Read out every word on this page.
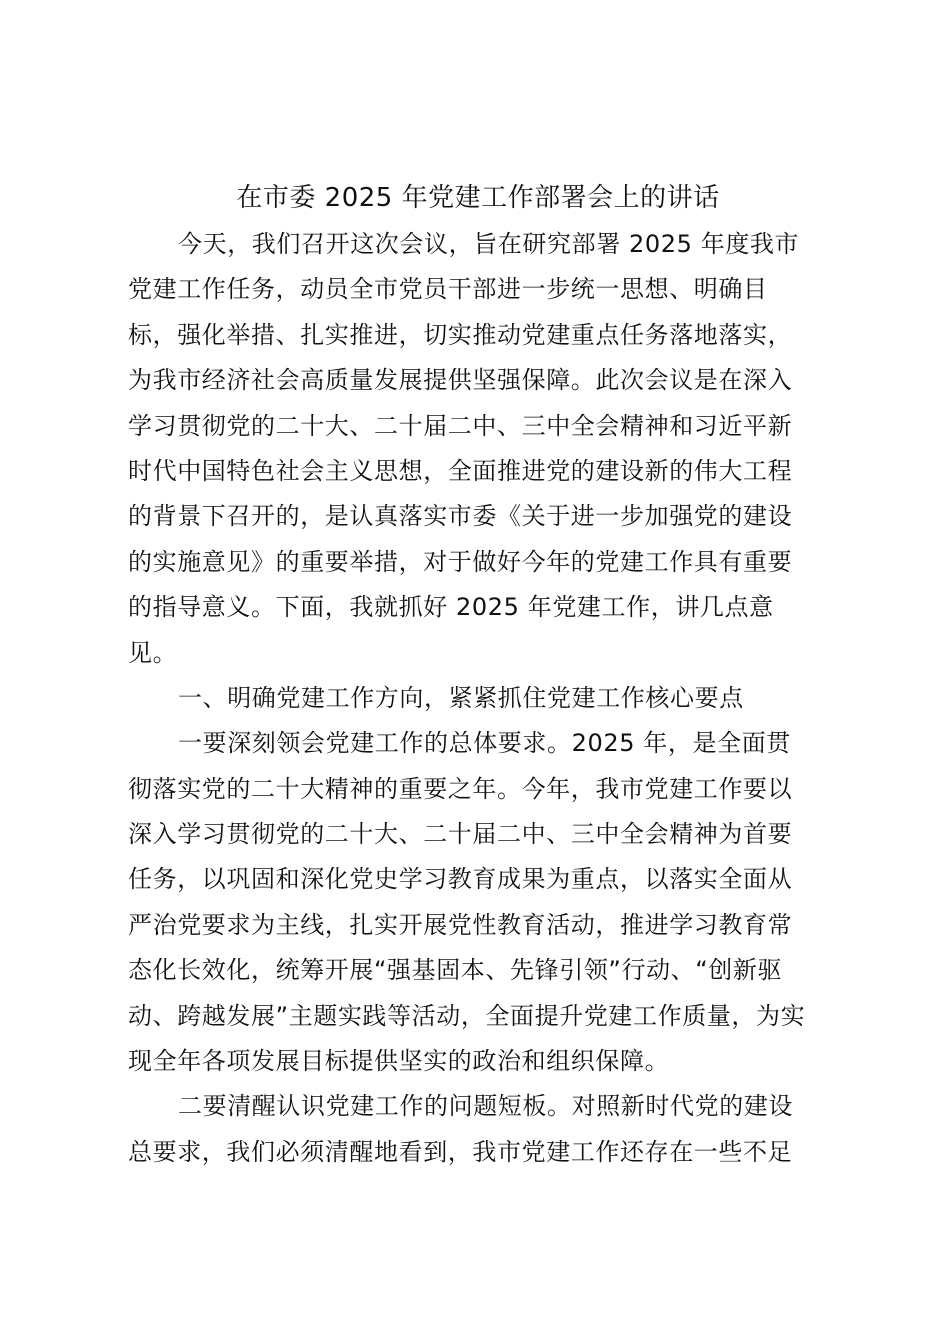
在市委 2025 年党建工作部署会上的讲话
今天，我们召开这次会议，旨在研究部署 2025 年度我市
党建工作任务，动员全市党员干部进一步统一思想、明确目
标，强化举措、扎实推进，切实推动党建重点任务落地落实，
为我市经济社会高质量发展提供坚强保障。此次会议是在深入
学习贯彻党的二十大、二十届二中、三中全会精神和习近平新
时代中国特色社会主义思想，全面推进党的建设新的伟大工程
的背景下召开的，是认真落实市委《关于进一步加强党的建设
的实施意见》的重要举措，对于做好今年的党建工作具有重要
的指导意义。下面，我就抓好 2025 年党建工作，讲几点意
见。
一、明确党建工作方向，紧紧抓住党建工作核心要点
一要深刻领会党建工作的总体要求。2025 年，是全面贯
彻落实党的二十大精神的重要之年。今年，我市党建工作要以
深入学习贯彻党的二十大、二十届二中、三中全会精神为首要
任务，以巩固和深化党史学习教育成果为重点，以落实全面从
严治党要求为主线，扎实开展党性教育活动，推进学习教育常
态化长效化，统筹开展“强基固本、先锋引领”行动、“创新驱
动、跨越发展”主题实践等活动，全面提升党建工作质量，为实
现全年各项发展目标提供坚实的政治和组织保障。
二要清醒认识党建工作的问题短板。对照新时代党的建设
总要求，我们必须清醒地看到，我市党建工作还存在一些不足
